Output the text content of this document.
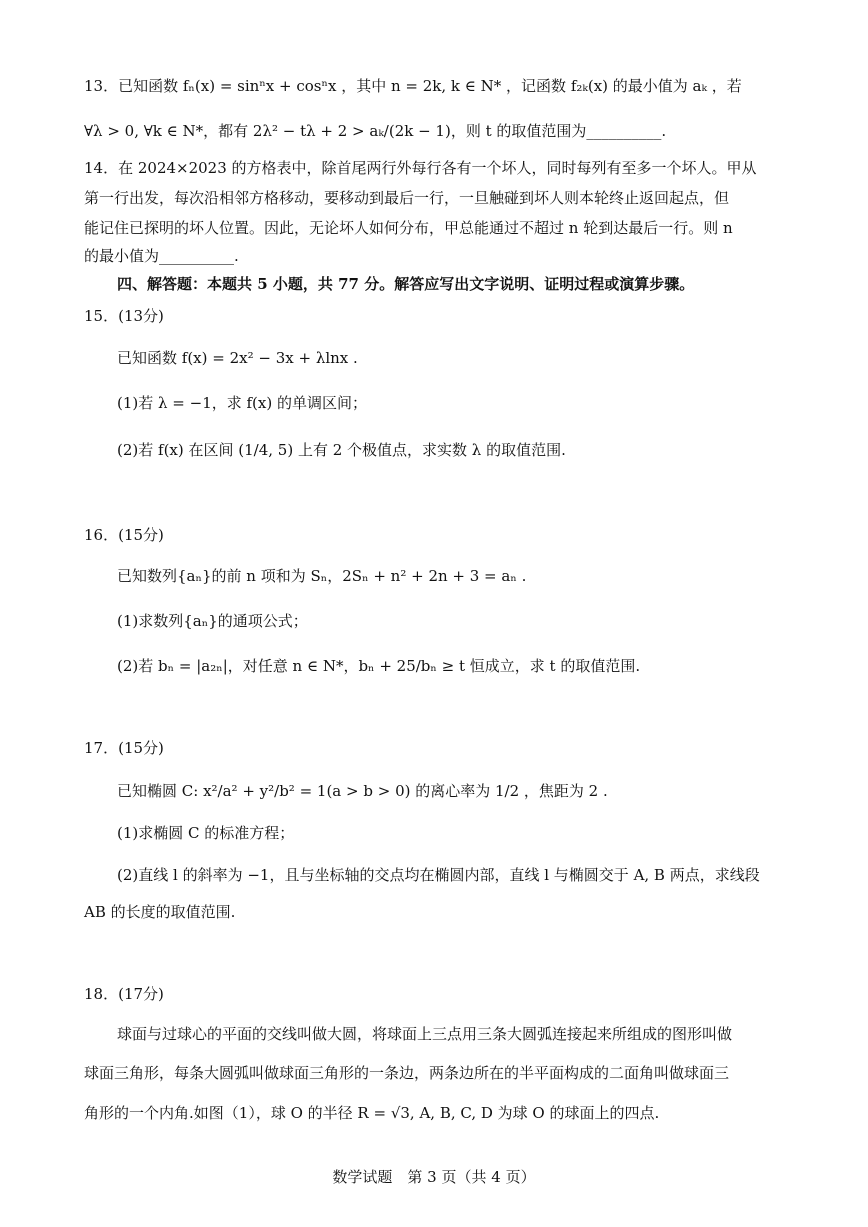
13．已知函数 fₙ(x) = sinⁿx + cosⁿx ，其中 n = 2k, k ∈ N* ，记函数 f₂ₖ(x) 的最小值为 aₖ ，若
∀λ > 0, ∀k ∈ N*，都有 2λ² − tλ + 2 > aₖ/(2k − 1)，则 t 的取值范围为__________.
14．在 2024×2023 的方格表中，除首尾两行外每行各有一个坏人，同时每列有至多一个坏人。甲从
第一行出发，每次沿相邻方格移动，要移动到最后一行，一旦触碰到坏人则本轮终止返回起点，但
能记住已探明的坏人位置。因此，无论坏人如何分布，甲总能通过不超过 n 轮到达最后一行。则 n
的最小值为__________.
四、解答题：本题共 5 小题，共 77 分。解答应写出文字说明、证明过程或演算步骤。
15．(13分)
已知函数 f(x) = 2x² − 3x + λlnx .
(1)若 λ = −1，求 f(x) 的单调区间；
(2)若 f(x) 在区间 (1/4, 5) 上有 2 个极值点，求实数 λ 的取值范围.
16．(15分)
已知数列{aₙ}的前 n 项和为 Sₙ，2Sₙ + n² + 2n + 3 = aₙ .
(1)求数列{aₙ}的通项公式；
(2)若 bₙ = |a₂ₙ|，对任意 n ∈ N*，bₙ + 25/bₙ ≥ t 恒成立，求 t 的取值范围.
17．(15分)
已知椭圆 C: x²/a² + y²/b² = 1(a > b > 0) 的离心率为 1/2 ，焦距为 2 .
(1)求椭圆 C 的标准方程；
(2)直线 l 的斜率为 −1，且与坐标轴的交点均在椭圆内部，直线 l 与椭圆交于 A, B 两点，求线段
AB 的长度的取值范围.
18．(17分)
球面与过球心的平面的交线叫做大圆，将球面上三点用三条大圆弧连接起来所组成的图形叫做
球面三角形，每条大圆弧叫做球面三角形的一条边，两条边所在的半平面构成的二面角叫做球面三
角形的一个内角.如图（1），球 O 的半径 R = √3, A, B, C, D 为球 O 的球面上的四点.
数学试题　第 3 页（共 4 页）
